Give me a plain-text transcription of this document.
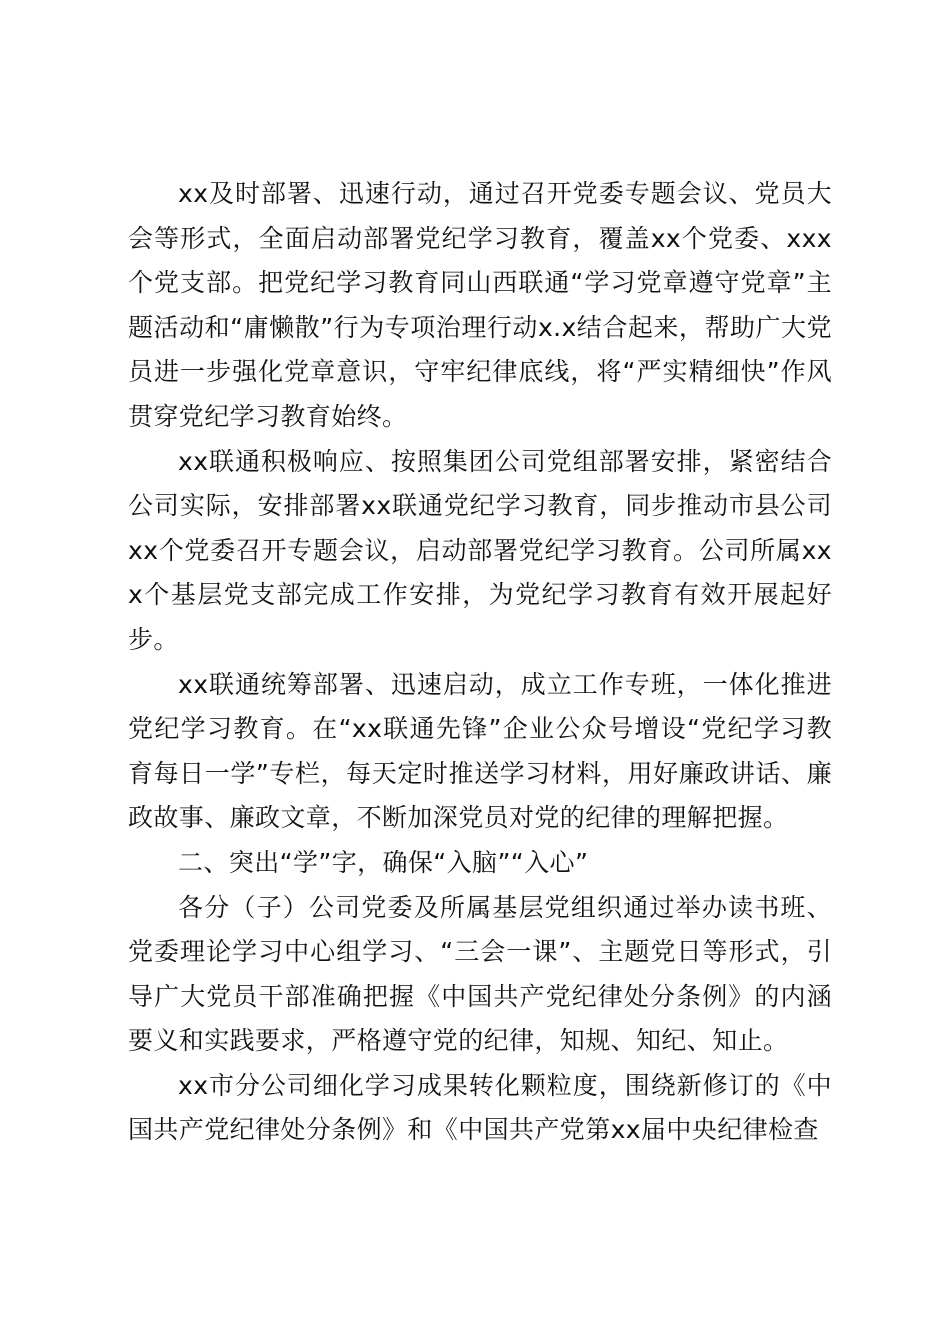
xx及时部署、迅速行动，通过召开党委专题会议、党员大会等形式，全面启动部署党纪学习教育，覆盖xx个党委、xxx个党支部。把党纪学习教育同山西联通“学习党章遵守党章”主题活动和“庸懒散”行为专项治理行动x.x结合起来，帮助广大党员进一步强化党章意识，守牢纪律底线，将“严实精细快”作风贯穿党纪学习教育始终。

xx联通积极响应、按照集团公司党组部署安排，紧密结合公司实际，安排部署xx联通党纪学习教育，同步推动市县公司xx个党委召开专题会议，启动部署党纪学习教育。公司所属xxx个基层党支部完成工作安排，为党纪学习教育有效开展起好步。

xx联通统筹部署、迅速启动，成立工作专班，一体化推进党纪学习教育。在“xx联通先锋”企业公众号增设“党纪学习教育每日一学”专栏，每天定时推送学习材料，用好廉政讲话、廉政故事、廉政文章，不断加深党员对党的纪律的理解把握。

二、突出“学”字，确保“入脑”“入心”

各分（子）公司党委及所属基层党组织通过举办读书班、党委理论学习中心组学习、“三会一课”、主题党日等形式，引导广大党员干部准确把握《中国共产党纪律处分条例》的内涵要义和实践要求，严格遵守党的纪律，知规、知纪、知止。

xx市分公司细化学习成果转化颗粒度，围绕新修订的《中国共产党纪律处分条例》和《中国共产党第xx届中央纪律检查
